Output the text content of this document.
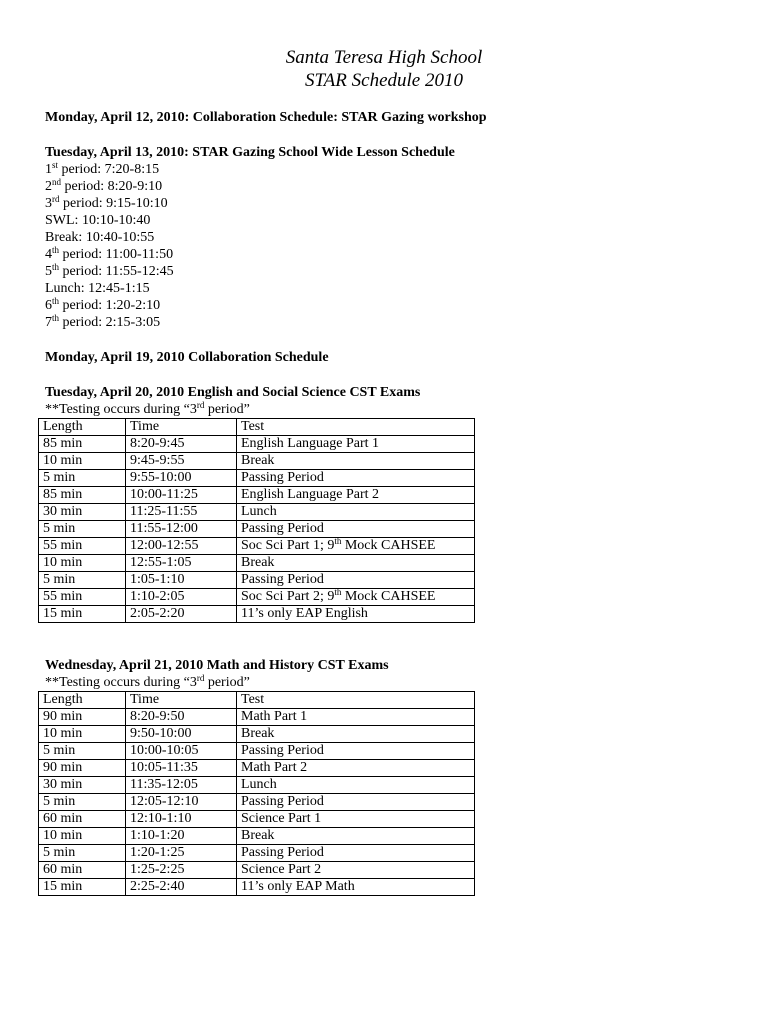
Santa Teresa High School

STAR Schedule 2010

Monday, April 12, 2010: Collaboration Schedule: STAR Gazing workshop

Tuesday, April 13, 2010: STAR Gazing School Wide Lesson Schedule

1st period: 7:20-8:15

2nd period: 8:20-9:10

3rd period: 9:15-10:10

SWL: 10:10-10:40

Break: 10:40-10:55

4th period: 11:00-11:50

5th period: 11:55-12:45

Lunch: 12:45-1:15

6th period: 1:20-2:10

7th period: 2:15-3:05

Monday, April 19, 2010 Collaboration Schedule

Tuesday, April 20, 2010 English and Social Science CST Exams

**Testing occurs during “3rd period”

Length	Time	Test
85 min	8:20-9:45	English Language Part 1
10 min	9:45-9:55	Break
5 min	9:55-10:00	Passing Period
85 min	10:00-11:25	English Language Part 2
30 min	11:25-11:55	Lunch
5 min	11:55-12:00	Passing Period
55 min	12:00-12:55	Soc Sci Part 1; 9th Mock CAHSEE
10 min	12:55-1:05	Break
5 min	1:05-1:10	Passing Period
55 min	1:10-2:05	Soc Sci Part 2; 9th Mock CAHSEE
15 min	2:05-2:20	11’s only EAP English

Wednesday, April 21, 2010 Math and History CST Exams

**Testing occurs during “3rd period”

Length	Time	Test
90 min	8:20-9:50	Math Part 1
10 min	9:50-10:00	Break
5 min	10:00-10:05	Passing Period
90 min	10:05-11:35	Math Part 2
30 min	11:35-12:05	Lunch
5 min	12:05-12:10	Passing Period
60 min	12:10-1:10	Science Part 1
10 min	1:10-1:20	Break
5 min	1:20-1:25	Passing Period
60 min	1:25-2:25	Science Part 2
15 min	2:25-2:40	11’s only EAP Math
